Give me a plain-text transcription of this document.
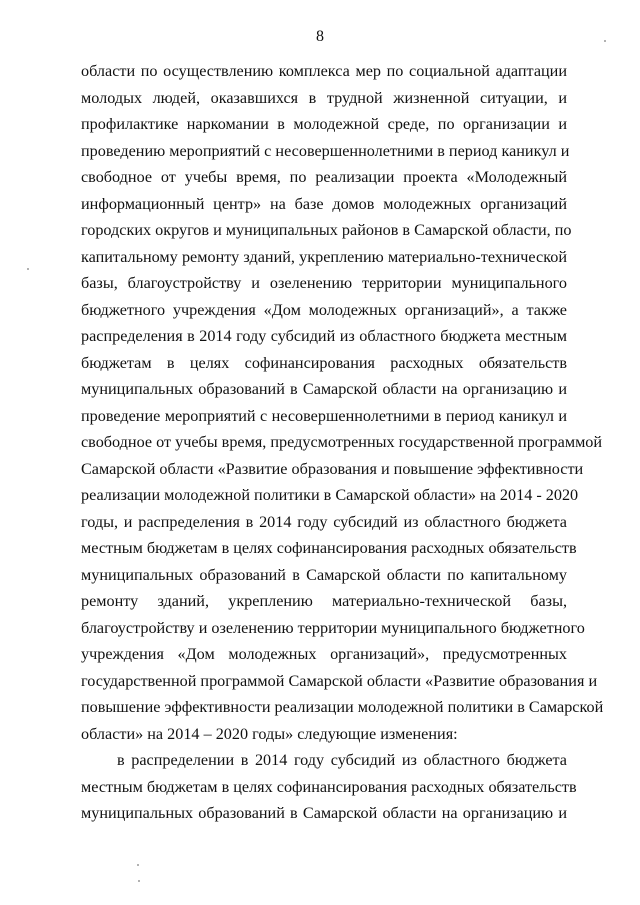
8

области по осуществлению комплекса мер по социальной адаптации
молодых людей, оказавшихся в трудной жизненной ситуации, и
профилактике наркомании в молодежной среде, по организации и
проведению мероприятий с несовершеннолетними в период каникул и
свободное от учебы время, по реализации проекта «Молодежный
информационный центр» на базе домов молодежных организаций
городских округов и муниципальных районов в Самарской области, по
капитальному ремонту зданий, укреплению материально-технической
базы, благоустройству и озеленению территории муниципального
бюджетного учреждения «Дом молодежных организаций», а также
распределения в 2014 году субсидий из областного бюджета местным
бюджетам в целях софинансирования расходных обязательств
муниципальных образований в Самарской области на организацию и
проведение мероприятий с несовершеннолетними в период каникул и
свободное от учебы время, предусмотренных государственной программой
Самарской области «Развитие образования и повышение эффективности
реализации молодежной политики в Самарской области» на 2014 - 2020
годы, и распределения в 2014 году субсидий из областного бюджета
местным бюджетам в целях софинансирования расходных обязательств
муниципальных образований в Самарской области по капитальному
ремонту зданий, укреплению материально-технической базы,
благоустройству и озеленению территории муниципального бюджетного
учреждения «Дом молодежных организаций», предусмотренных
государственной программой Самарской области «Развитие образования и
повышение эффективности реализации молодежной политики в Самарской
области» на 2014 – 2020 годы» следующие изменения:

в распределении в 2014 году субсидий из областного бюджета
местным бюджетам в целях софинансирования расходных обязательств
муниципальных образований в Самарской области на организацию и
